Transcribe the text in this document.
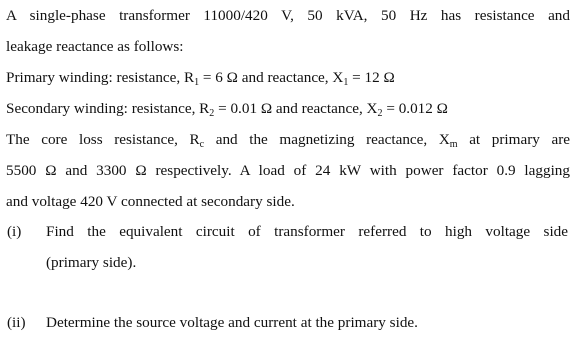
A single-phase transformer 11000/420 V, 50 kVA, 50 Hz has resistance and
leakage reactance as follows:
Primary winding: resistance, $R_1 = 6$ Ω and reactance, $X_1 = 12$ Ω
Secondary winding: resistance, $R_2 = 0.01$ Ω and reactance, $X_2 = 0.012$ Ω
The core loss resistance, $R_c$ and the magnetizing reactance, $X_m$ at primary are
5500 Ω and 3300 Ω respectively. A load of 24 kW with power factor 0.9 lagging
and voltage 420 V connected at secondary side.
(i) Find the equivalent circuit of transformer referred to high voltage side
(primary side).
(ii) Determine the source voltage and current at the primary side.
